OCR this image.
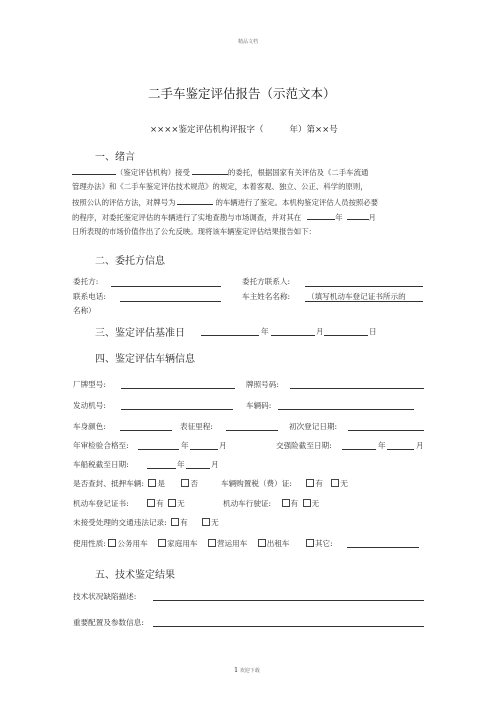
精品文档
二手车鉴定评估报告（示范文本）
××××鉴定评估机构评报字（	年）第××号
一、绪言
（鉴定评估机构）接受	的委托，根据国家有关评估及《二手车流通
管理办法》和《二手车鉴定评估技术规范》的规定，本着客观、独立、公正、科学的原则，
按照公认的评估方法，对牌号为	的车辆进行了鉴定。本机构鉴定评估人员按照必要
的程序，对委托鉴定评估的车辆进行了实地查勘与市场调查，并对其在	年	月
日所表现的市场价值作出了公允反映。现将该车辆鉴定评估结果报告如下：
二、委托方信息
委托方:	委托方联系人:
联系电话:	车主姓名名称: （填写机动车登记证书所示的
名称）
三、鉴定评估基准日	年	月	日
四、鉴定评估车辆信息
厂牌型号:	牌照号码:
发动机号:	车辆码:
车身颜色:	表征里程:	初次登记日期:
年审检验合格至:	年	月	交强险截至日期:	年	月
车船税截至日期:	年	月
是否查封、抵押车辆: 是	否	车辆购置税（费）证:	有 无
机动车登记证书:	有 无	机动车行驶证:	有 无
未接受处理的交通违法记录: 有	无
使用性质: 公务用车	家庭用车	营运用车	出租车	其它:
五、技术鉴定结果
技术状况缺陷描述:
重要配置及参数信息:
1 欢迎下载
